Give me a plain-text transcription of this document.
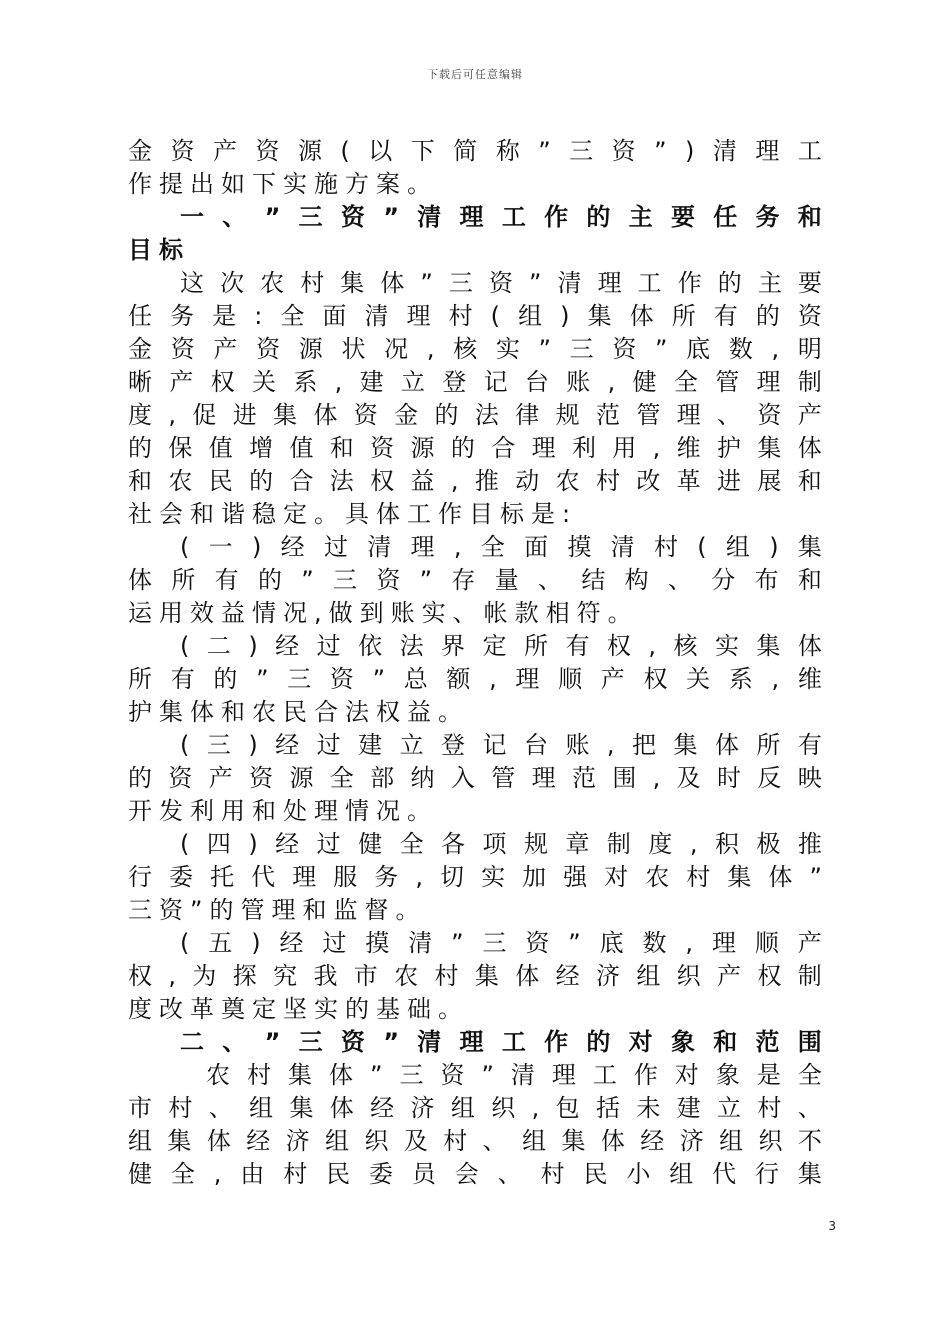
下载后可任意编辑
金 资 产 资 源 ( 以 下 简 称 ” 三 资 ” ) 清 理 工
作 提 出 如 下 实 施 方 案 。
一 、 ” 三 资 ” 清 理 工 作 的 主 要 任 务 和
目 标
这 次 农 村 集 体 ” 三 资 ” 清 理 工 作 的 主 要
任 务 是 : 全 面 清 理 村 ( 组 ) 集 体 所 有 的 资
金 资 产 资 源 状 况 , 核 实 ” 三 资 ” 底 数 , 明
晰 产 权 关 系 , 建 立 登 记 台 账 , 健 全 管 理 制
度 , 促 进 集 体 资 金 的 法 律 规 范 管 理 、 资 产
的 保 值 增 值 和 资 源 的 合 理 利 用 , 维 护 集 体
和 农 民 的 合 法 权 益 , 推 动 农 村 改 革 进 展 和
社 会 和 谐 稳 定 。 具 体 工 作 目 标 是 :
( 一 ) 经 过 清 理 , 全 面 摸 清 村 ( 组 ) 集
体 所 有 的 ” 三 资 ” 存 量 、 结 构 、 分 布 和
运 用 效 益 情 况 , 做 到 账 实 、 帐 款 相 符 。
( 二 ) 经 过 依 法 界 定 所 有 权 , 核 实 集 体
所 有 的 ” 三 资 ” 总 额 , 理 顺 产 权 关 系 , 维
护 集 体 和 农 民 合 法 权 益 。
( 三 ) 经 过 建 立 登 记 台 账 , 把 集 体 所 有
的 资 产 资 源 全 部 纳 入 管 理 范 围 , 及 时 反 映
开 发 利 用 和 处 理 情 况 。
( 四 ) 经 过 健 全 各 项 规 章 制 度 , 积 极 推
行 委 托 代 理 服 务 , 切 实 加 强 对 农 村 集 体 ”
三 资 ” 的 管 理 和 监 督 。
( 五 ) 经 过 摸 清 ” 三 资 ” 底 数 , 理 顺 产
权 , 为 探 究 我 市 农 村 集 体 经 济 组 织 产 权 制
度 改 革 奠 定 坚 实 的 基 础 。
二 、 ” 三 资 ” 清 理 工 作 的 对 象 和 范 围
农 村 集 体 ” 三 资 ” 清 理 工 作 对 象 是 全
市 村 、 组 集 体 经 济 组 织 , 包 括 未 建 立 村 、
组 集 体 经 济 组 织 及 村 、 组 集 体 经 济 组 织 不
健 全 , 由 村 民 委 员 会 、 村 民 小 组 代 行 集
3
